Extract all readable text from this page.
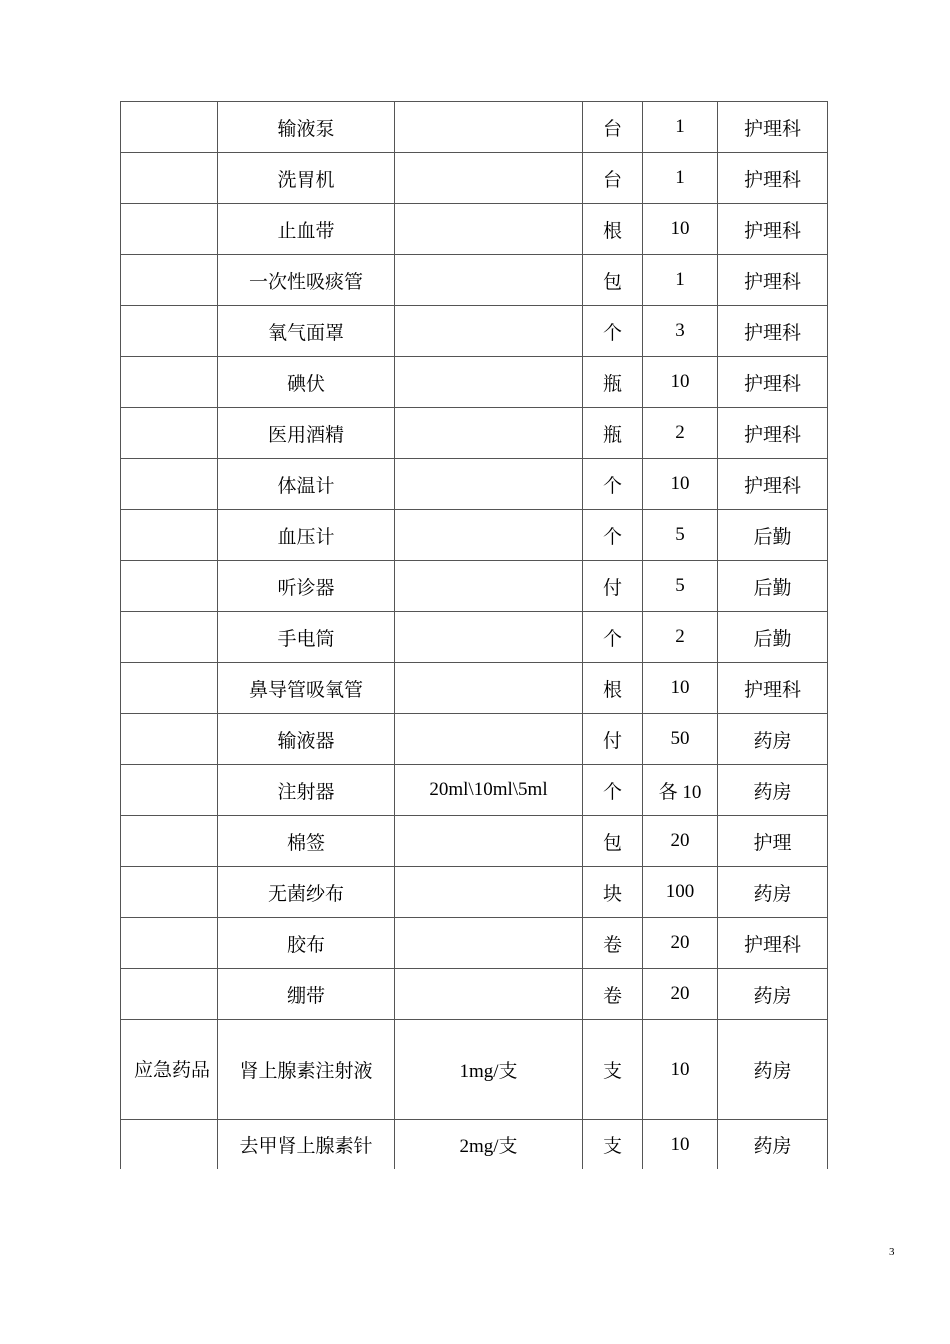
	输液泵		台	1	护理科
	洗胃机		台	1	护理科
	止血带		根	10	护理科
	一次性吸痰管		包	1	护理科
	氧气面罩		个	3	护理科
	碘伏		瓶	10	护理科
	医用酒精		瓶	2	护理科
	体温计		个	10	护理科
	血压计		个	5	后勤
	听诊器		付	5	后勤
	手电筒		个	2	后勤
	鼻导管吸氧管		根	10	护理科
	输液器		付	50	药房
	注射器	20ml\10ml\5ml	个	各 10	药房
	棉签		包	20	护理
	无菌纱布		块	100	药房
	胶布		卷	20	护理科
	绷带		卷	20	药房
应急药品	肾上腺素注射液	1mg/支	支	10	药房
	去甲肾上腺素针	2mg/支	支	10	药房
3
